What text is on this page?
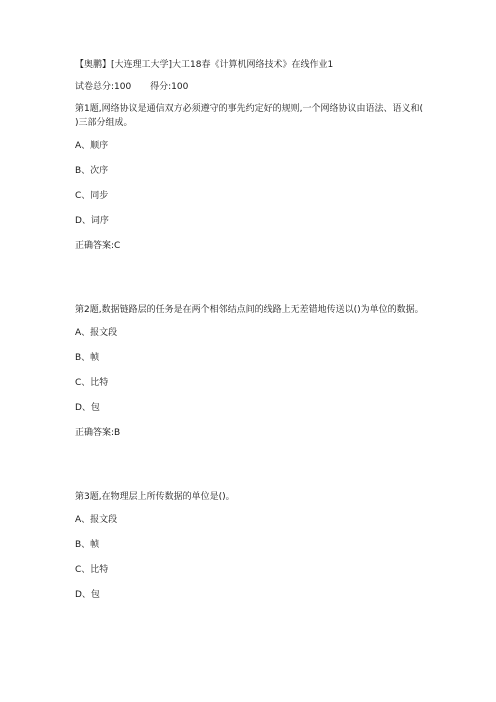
【奥鹏】[大连理工大学]大工18春《计算机网络技术》在线作业1

试卷总分:100 得分:100

第1题,网络协议是通信双方必须遵守的事先约定好的规则,一个网络协议由语法、语义和( )三部分组成。

A、顺序

B、次序

C、同步

D、词序

正确答案:C

第2题,数据链路层的任务是在两个相邻结点间的线路上无差错地传送以()为单位的数据。

A、报文段

B、帧

C、比特

D、包

正确答案:B

第3题,在物理层上所传数据的单位是()。

A、报文段

B、帧

C、比特

D、包
